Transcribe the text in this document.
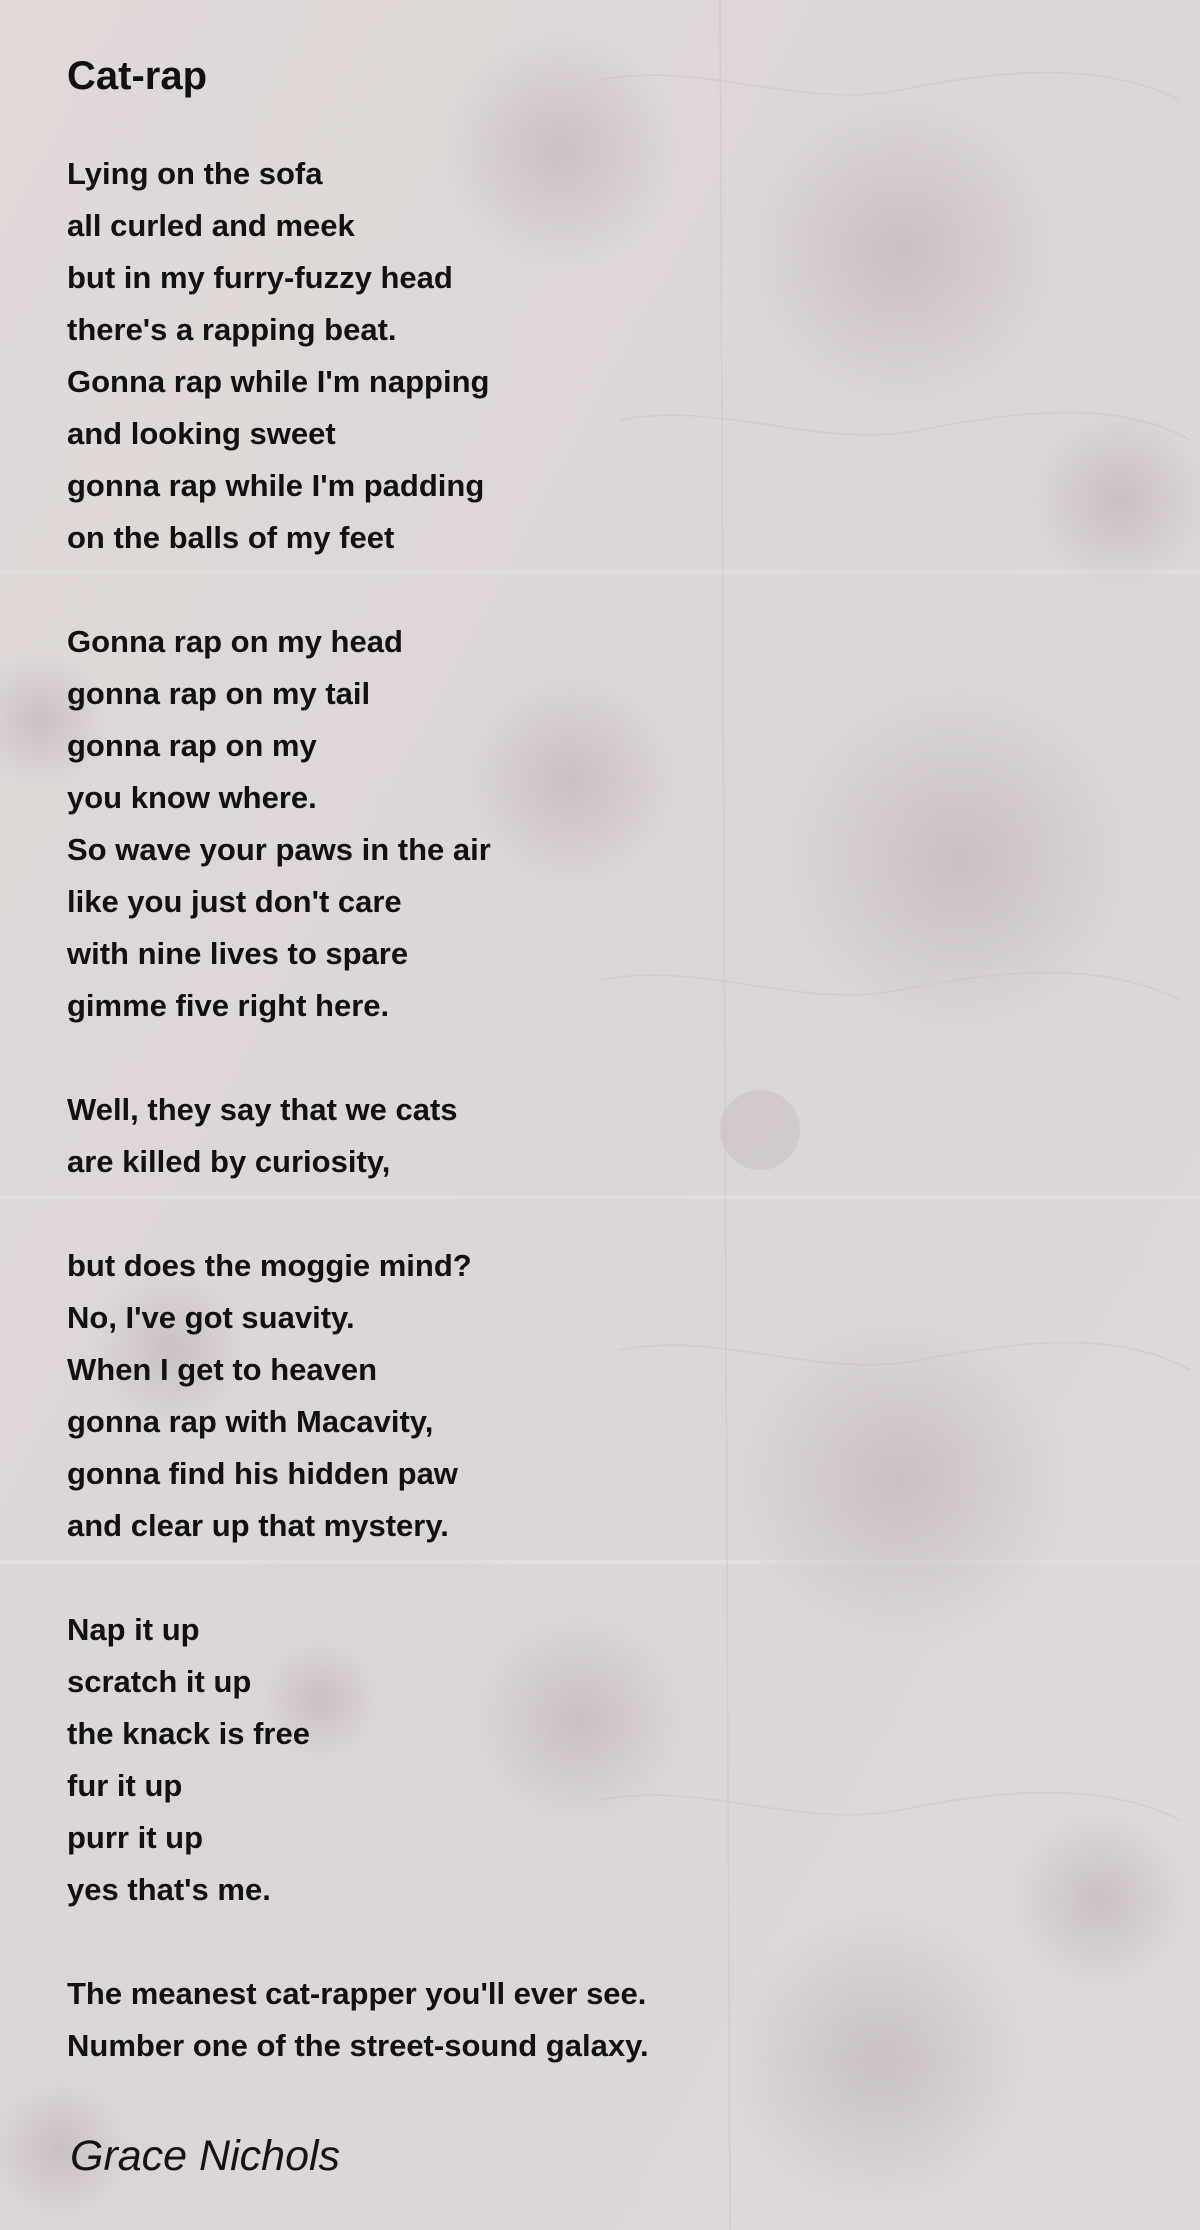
Cat-rap
Lying on the sofa
all curled and meek
but in my furry-fuzzy head
there's a rapping beat.
Gonna rap while I'm napping
and looking sweet
gonna rap while I'm padding
on the balls of my feet
Gonna rap on my head
gonna rap on my tail
gonna rap on my
you know where.
So wave your paws in the air
like you just don't care
with nine lives to spare
gimme five right here.
Well, they say that we cats
are killed by curiosity,
but does the moggie mind?
No, I've got suavity.
When I get to heaven
gonna rap with Macavity,
gonna find his hidden paw
and clear up that mystery.
Nap it up
scratch it up
the knack is free
fur it up
purr it up
yes that's me.
The meanest cat-rapper you'll ever see.
Number one of the street-sound galaxy.
Grace Nichols
